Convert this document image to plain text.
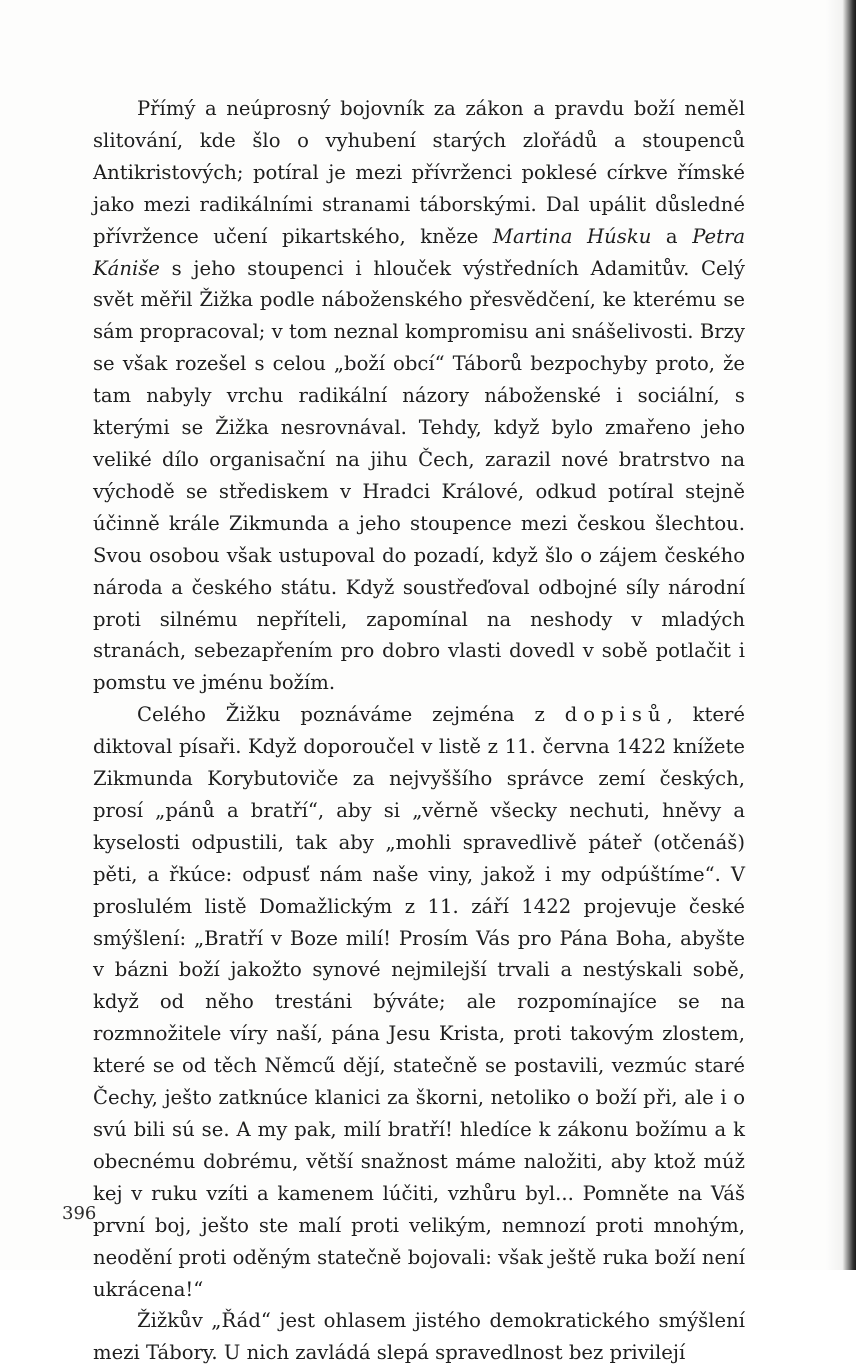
Přímý a neúprosný bojovník za zákon a pravdu boží neměl slitování, kde šlo o vyhubení starých zlořádů a stoupenců Antikristových; potíral je mezi přívrženci poklesé církve římské jako mezi radikálními stranami táborskými. Dal upálit důsledné přívržence učení pikartského, kněze Martina Húsku a Petra Kániše s jeho stoupenci i hlouček výstředních Adamitův. Celý svět měřil Žižka podle náboženského přesvědčení, ke kterému se sám propracoval; v tom neznal kompromisu ani snášelivosti. Brzy se však rozešel s celou „boží obcí“ Táborů bezpochyby proto, že tam nabyly vrchu radikální názory náboženské i sociální, s kterými se Žižka nesrovnával. Tehdy, když bylo zmařeno jeho veliké dílo organisační na jihu Čech, zarazil nové bratrstvo na východě se střediskem v Hradci Králové, odkud potíral stejně účinně krále Zikmunda a jeho stoupence mezi českou šlechtou. Svou osobou však ustupoval do pozadí, když šlo o zájem českého národa a českého státu. Když soustřeďoval odbojné síly národní proti silnému nepříteli, zapomínal na neshody v mladých stranách, sebezapřením pro dobro vlasti dovedl v sobě potlačit i pomstu ve jménu božím.

Celého Žižku poznáváme zejména z dopisů, které diktoval písaři. Když doporoučel v listě z 11. června 1422 knížete Zikmunda Korybutoviče za nejvyššího správce zemí českých, prosí „pánů a bratří“, aby si „věrně všecky nechuti, hněvy a kyselosti odpustili, tak aby „mohli spravedlivě páteř (otčenáš) pěti, a řkúce: odpusť nám naše viny, jakož i my odpúštíme“. V proslulém listě Domažlickým z 11. září 1422 projevuje české smýšlení: „Bratří v Boze milí! Prosím Vás pro Pána Boha, abyšte v bázni boží jakožto synové nejmilejší trvali a nestýskali sobě, když od něho trestáni býváte; ale rozpomínajíce se na rozmnožitele víry naší, pána Jesu Krista, proti takovým zlostem, které se od těch Němcű dějí, statečně se postavili, vezmúc staré Čechy, ješto zatknúce klanici za škorni, netoliko o boží při, ale i o svú bili sú se. A my pak, milí bratří! hledíce k zákonu božímu a k obecnému dobrému, větší snažnost máme naložiti, aby ktož múž kej v ruku vzíti a kamenem lúčiti, vzhůru byl... Pomněte na Váš první boj, ješto ste malí proti velikým, nemnozí proti mnohým, neodění proti oděným statečně bojovali: však ještě ruka boží není ukrácena!“

Žižkův „Řád“ jest ohlasem jistého demokratického smýšlení mezi Tábory. U nich zavládá slepá spravedlnost bez privilejí

396
